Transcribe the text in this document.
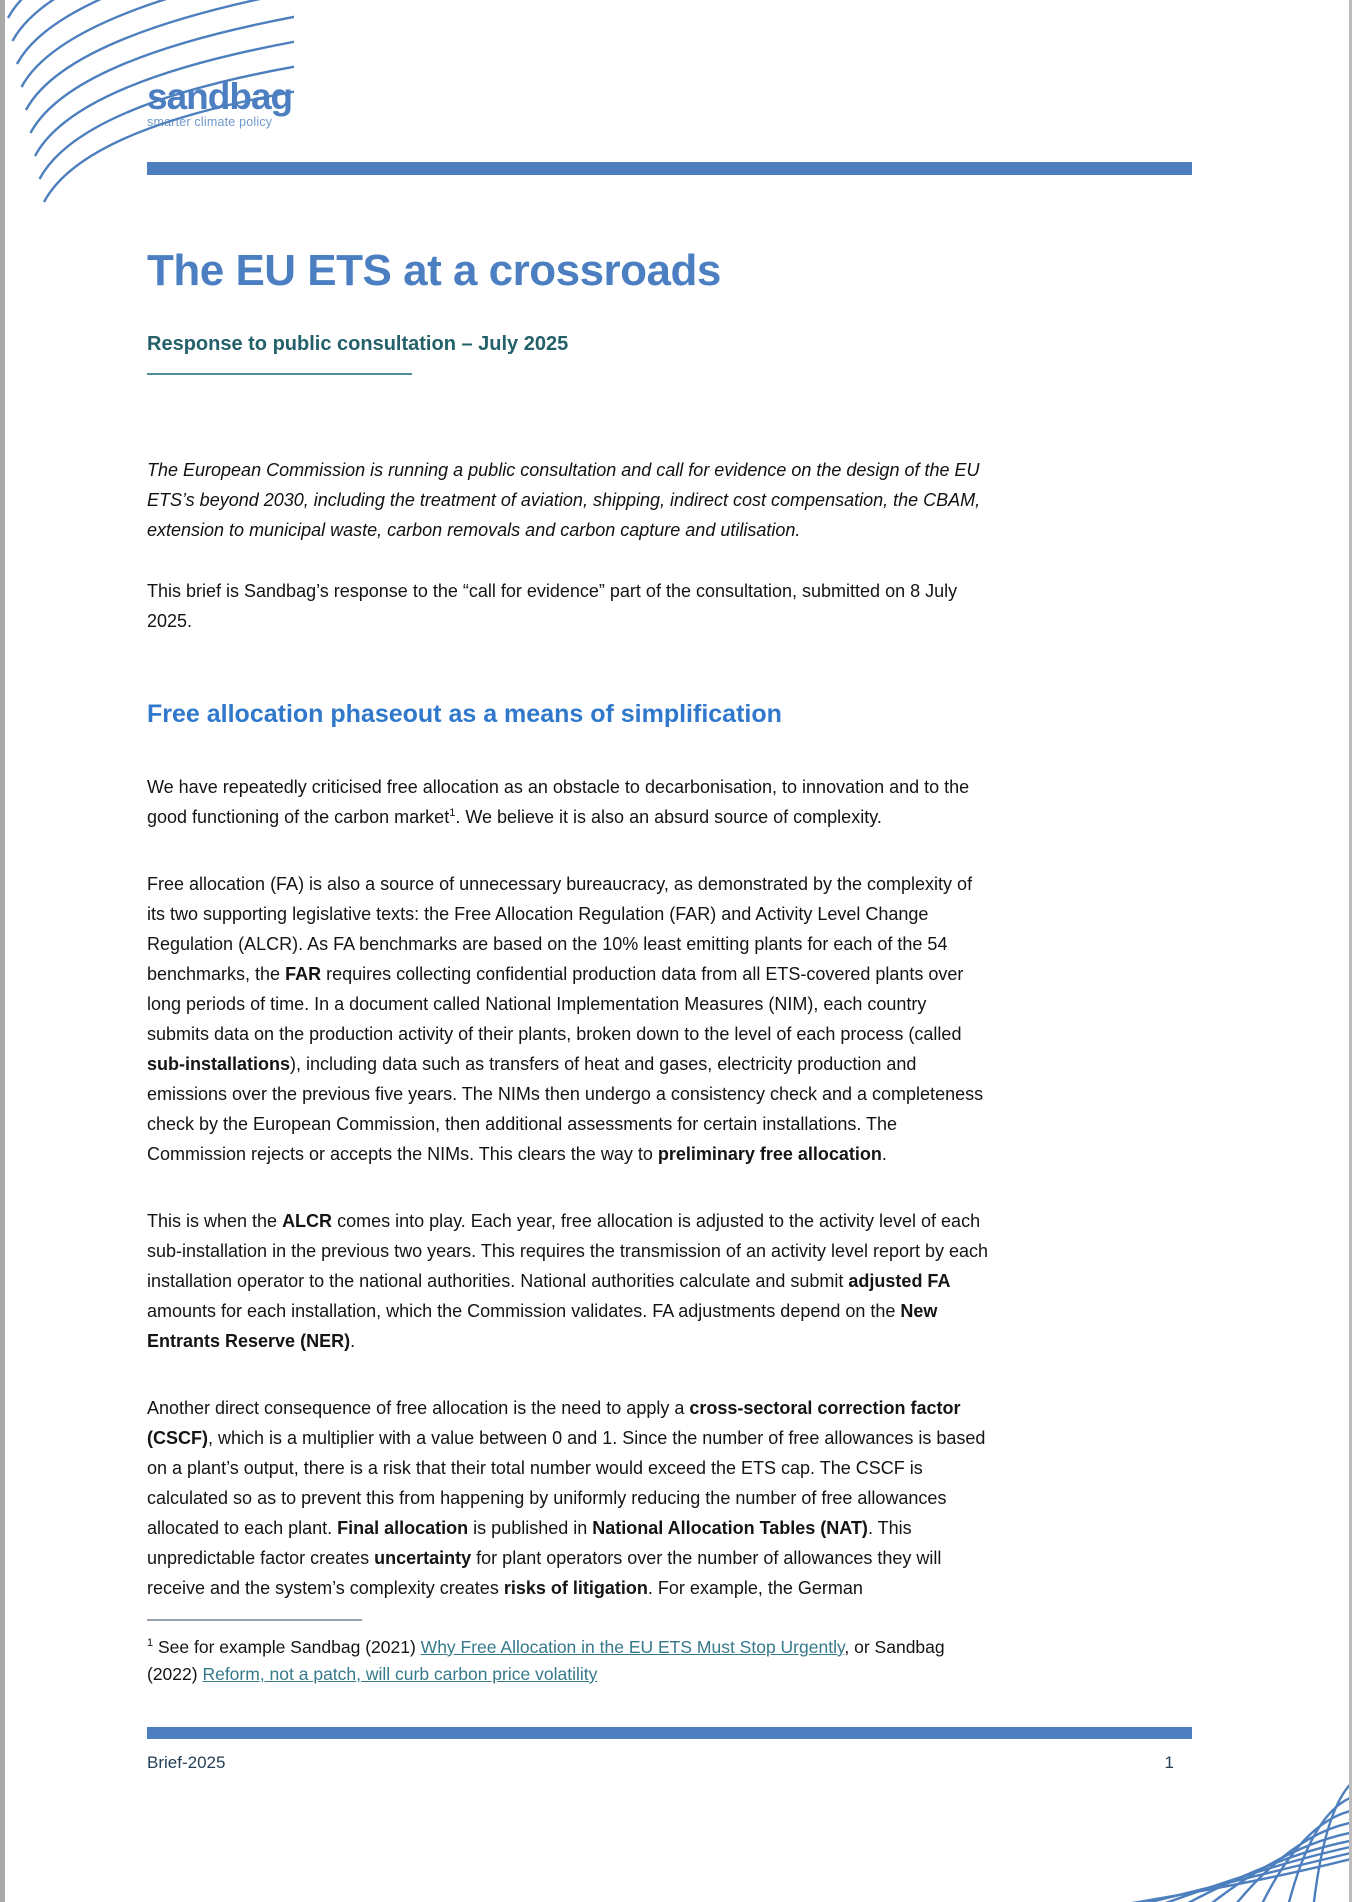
sandbag
smarter climate policy
The EU ETS at a crossroads
Response to public consultation – July 2025

The European Commission is running a public consultation and call for evidence on the design of the EU ETS’s beyond 2030, including the treatment of aviation, shipping, indirect cost compensation, the CBAM, extension to municipal waste, carbon removals and carbon capture and utilisation.

This brief is Sandbag’s response to the “call for evidence” part of the consultation, submitted on 8 July 2025.

Free allocation phaseout as a means of simplification

We have repeatedly criticised free allocation as an obstacle to decarbonisation, to innovation and to the good functioning of the carbon market$^1$. We believe it is also an absurd source of complexity.

Free allocation (FA) is also a source of unnecessary bureaucracy, as demonstrated by the complexity of its two supporting legislative texts: the Free Allocation Regulation (FAR) and Activity Level Change Regulation (ALCR). As FA benchmarks are based on the 10% least emitting plants for each of the 54 benchmarks, the FAR requires collecting confidential production data from all ETS-covered plants over long periods of time. In a document called National Implementation Measures (NIM), each country submits data on the production activity of their plants, broken down to the level of each process (called sub-installations), including data such as transfers of heat and gases, electricity production and emissions over the previous five years. The NIMs then undergo a consistency check and a completeness check by the European Commission, then additional assessments for certain installations. The Commission rejects or accepts the NIMs. This clears the way to preliminary free allocation.

This is when the ALCR comes into play. Each year, free allocation is adjusted to the activity level of each sub-installation in the previous two years. This requires the transmission of an activity level report by each installation operator to the national authorities. National authorities calculate and submit adjusted FA amounts for each installation, which the Commission validates. FA adjustments depend on the New Entrants Reserve (NER).

Another direct consequence of free allocation is the need to apply a cross-sectoral correction factor (CSCF), which is a multiplier with a value between 0 and 1. Since the number of free allowances is based on a plant’s output, there is a risk that their total number would exceed the ETS cap. The CSCF is calculated so as to prevent this from happening by uniformly reducing the number of free allowances allocated to each plant. Final allocation is published in National Allocation Tables (NAT). This unpredictable factor creates uncertainty for plant operators over the number of allowances they will receive and the system’s complexity creates risks of litigation. For example, the German

$^1$ See for example Sandbag (2021) Why Free Allocation in the EU ETS Must Stop Urgently, or Sandbag (2022) Reform, not a patch, will curb carbon price volatility

Brief-2025	1
